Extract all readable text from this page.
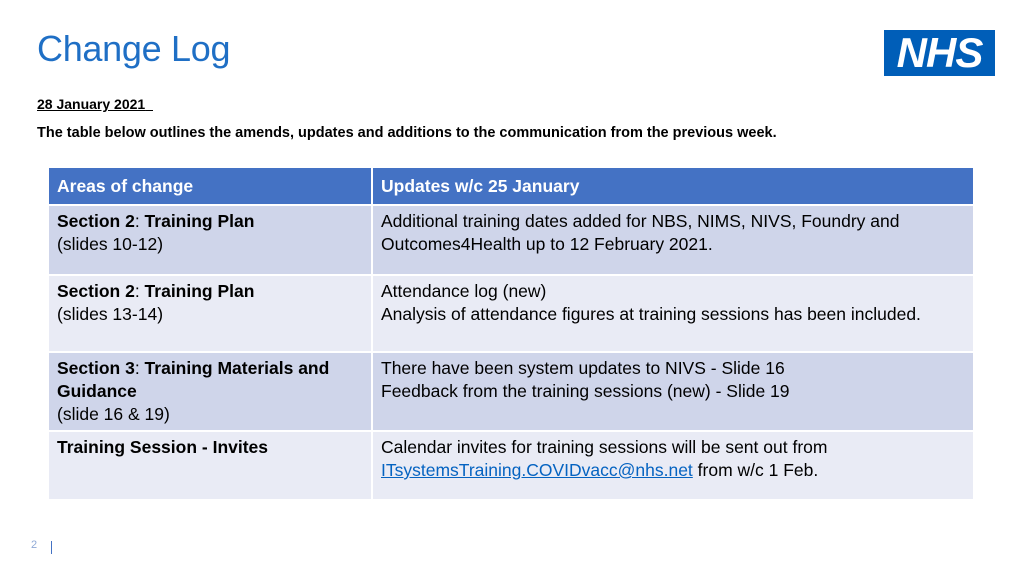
Change Log	NHS
28 January 2021
The table below outlines the amends, updates and additions to the communication from the previous week.
Areas of change	Updates w/c 25 January
Section 2: Training Plan
(slides 10-12)	Additional training dates added for NBS, NIMS, NIVS, Foundry and Outcomes4Health up to 12 February 2021.
Section 2: Training Plan
(slides 13-14)	Attendance log (new)
Analysis of attendance figures at training sessions has been included.
Section 3: Training Materials and Guidance
(slide 16 & 19)	There have been system updates to NIVS - Slide 16
Feedback from the training sessions (new) - Slide 19
Training Session - Invites	Calendar invites for training sessions will be sent out from ITsystemsTraining.COVIDvacc@nhs.net from w/c 1 Feb.
2
